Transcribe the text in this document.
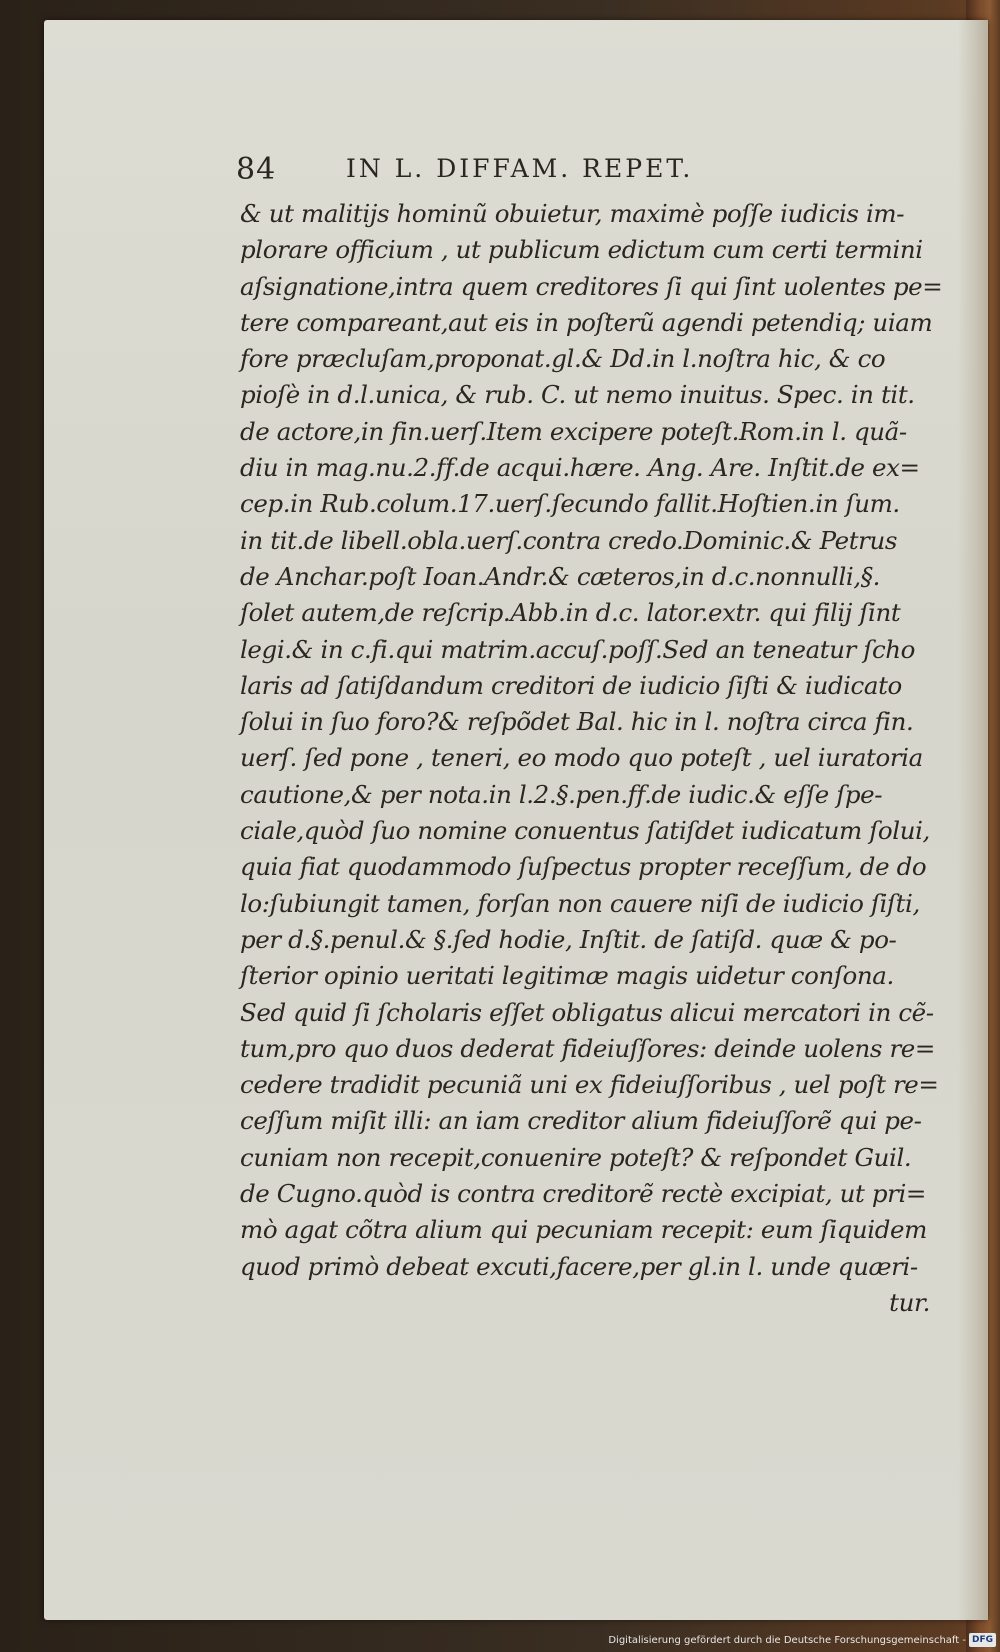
84	IN L. DIFFAM. REPET.
& ut malitijs hominũ obuietur, maximè poſſe iudicis im-
plorare officium , ut publicum edictum cum certi termini
aſsignatione,intra quem creditores ſi qui ſint uolentes pe=
tere compareant,aut eis in poſterũ agendi petendiq; uiam
fore præcluſam,proponat.gl.& Dd.in l.noſtra hic, & co
pioſè in d.l.unica, & rub. C. ut nemo inuitus. Spec. in tit.
de actore,in fin.uerſ.Item excipere poteſt.Rom.in l. quã-
diu in mag.nu.2.ff.de acqui.hære. Ang. Are. Inſtit.de ex=
cep.in Rub.colum.17.uerſ.ſecundo fallit.Hoſtien.in ſum.
in tit.de libell.obla.uerſ.contra credo.Dominic.& Petrus
de Anchar.poſt Ioan.Andr.& cæteros,in d.c.nonnulli,§.
ſolet autem,de reſcrip.Abb.in d.c. lator.extr. qui filij ſint
legi.& in c.fi.qui matrim.accuſ.poſſ.Sed an teneatur ſcho
laris ad ſatiſdandum creditori de iudicio ſiſti & iudicato
ſolui in ſuo foro?& reſpõdet Bal. hic in l. noſtra circa fin.
uerſ. ſed pone , teneri, eo modo quo poteſt , uel iuratoria
cautione,& per nota.in l.2.§.pen.ff.de iudic.& eſſe ſpe-
ciale,quòd ſuo nomine conuentus ſatiſdet iudicatum ſolui,
quia fiat quodammodo ſuſpectus propter receſſum, de do
lo:ſubiungit tamen, forſan non cauere niſi de iudicio ſiſti,
per d.§.penul.& §.ſed hodie, Inſtit. de ſatiſd. quæ & po-
ſterior opinio ueritati legitimæ magis uidetur conſona.
Sed quid ſi ſcholaris eſſet obligatus alicui mercatori in cẽ-
tum,pro quo duos dederat fideiuſſores: deinde uolens re=
cedere tradidit pecuniã uni ex fideiuſſoribus , uel poſt re=
ceſſum miſit illi: an iam creditor alium fideiuſſorẽ qui pe-
cuniam non recepit,conuenire poteſt? & reſpondet Guil.
de Cugno.quòd is contra creditorẽ rectè excipiat, ut pri=
mò agat cõtra alium qui pecuniam recepit: eum ſiquidem
quod primò debeat excuti,facere,per gl.in l. unde quæri-
tur.
Digitalisierung gefördert durch die Deutsche Forschungsgemeinschaft - DFG
